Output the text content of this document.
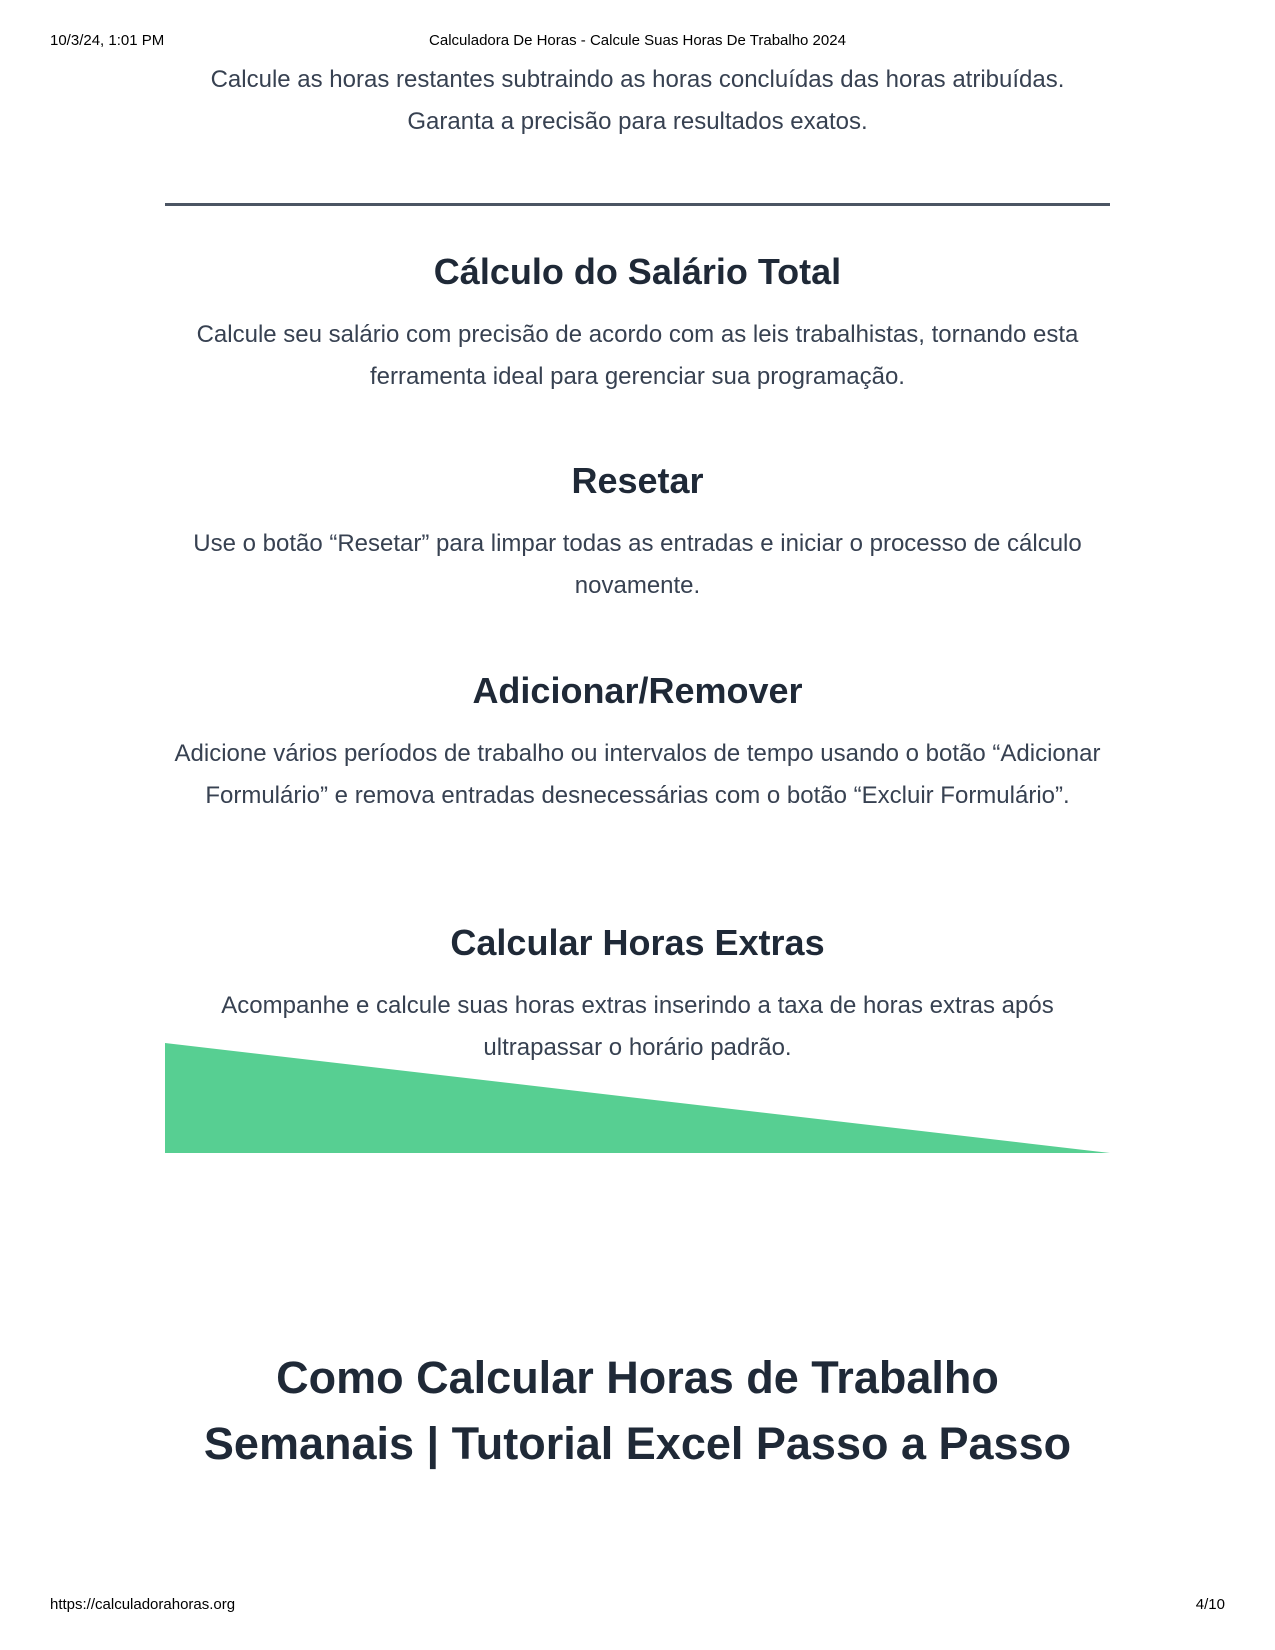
10/3/24, 1:01 PM	Calculadora De Horas - Calcule Suas Horas De Trabalho 2024

Calcule as horas restantes subtraindo as horas concluídas das horas atribuídas. Garanta a precisão para resultados exatos.

Cálculo do Salário Total

Calcule seu salário com precisão de acordo com as leis trabalhistas, tornando esta ferramenta ideal para gerenciar sua programação.

Resetar

Use o botão “Resetar” para limpar todas as entradas e iniciar o processo de cálculo novamente.

Adicionar/Remover

Adicione vários períodos de trabalho ou intervalos de tempo usando o botão “Adicionar Formulário” e remova entradas desnecessárias com o botão “Excluir Formulário”.

Calcular Horas Extras

Acompanhe e calcule suas horas extras inserindo a taxa de horas extras após ultrapassar o horário padrão.

Como Calcular Horas de Trabalho Semanais | Tutorial Excel Passo a Passo
https://calculadorahoras.org	4/10
